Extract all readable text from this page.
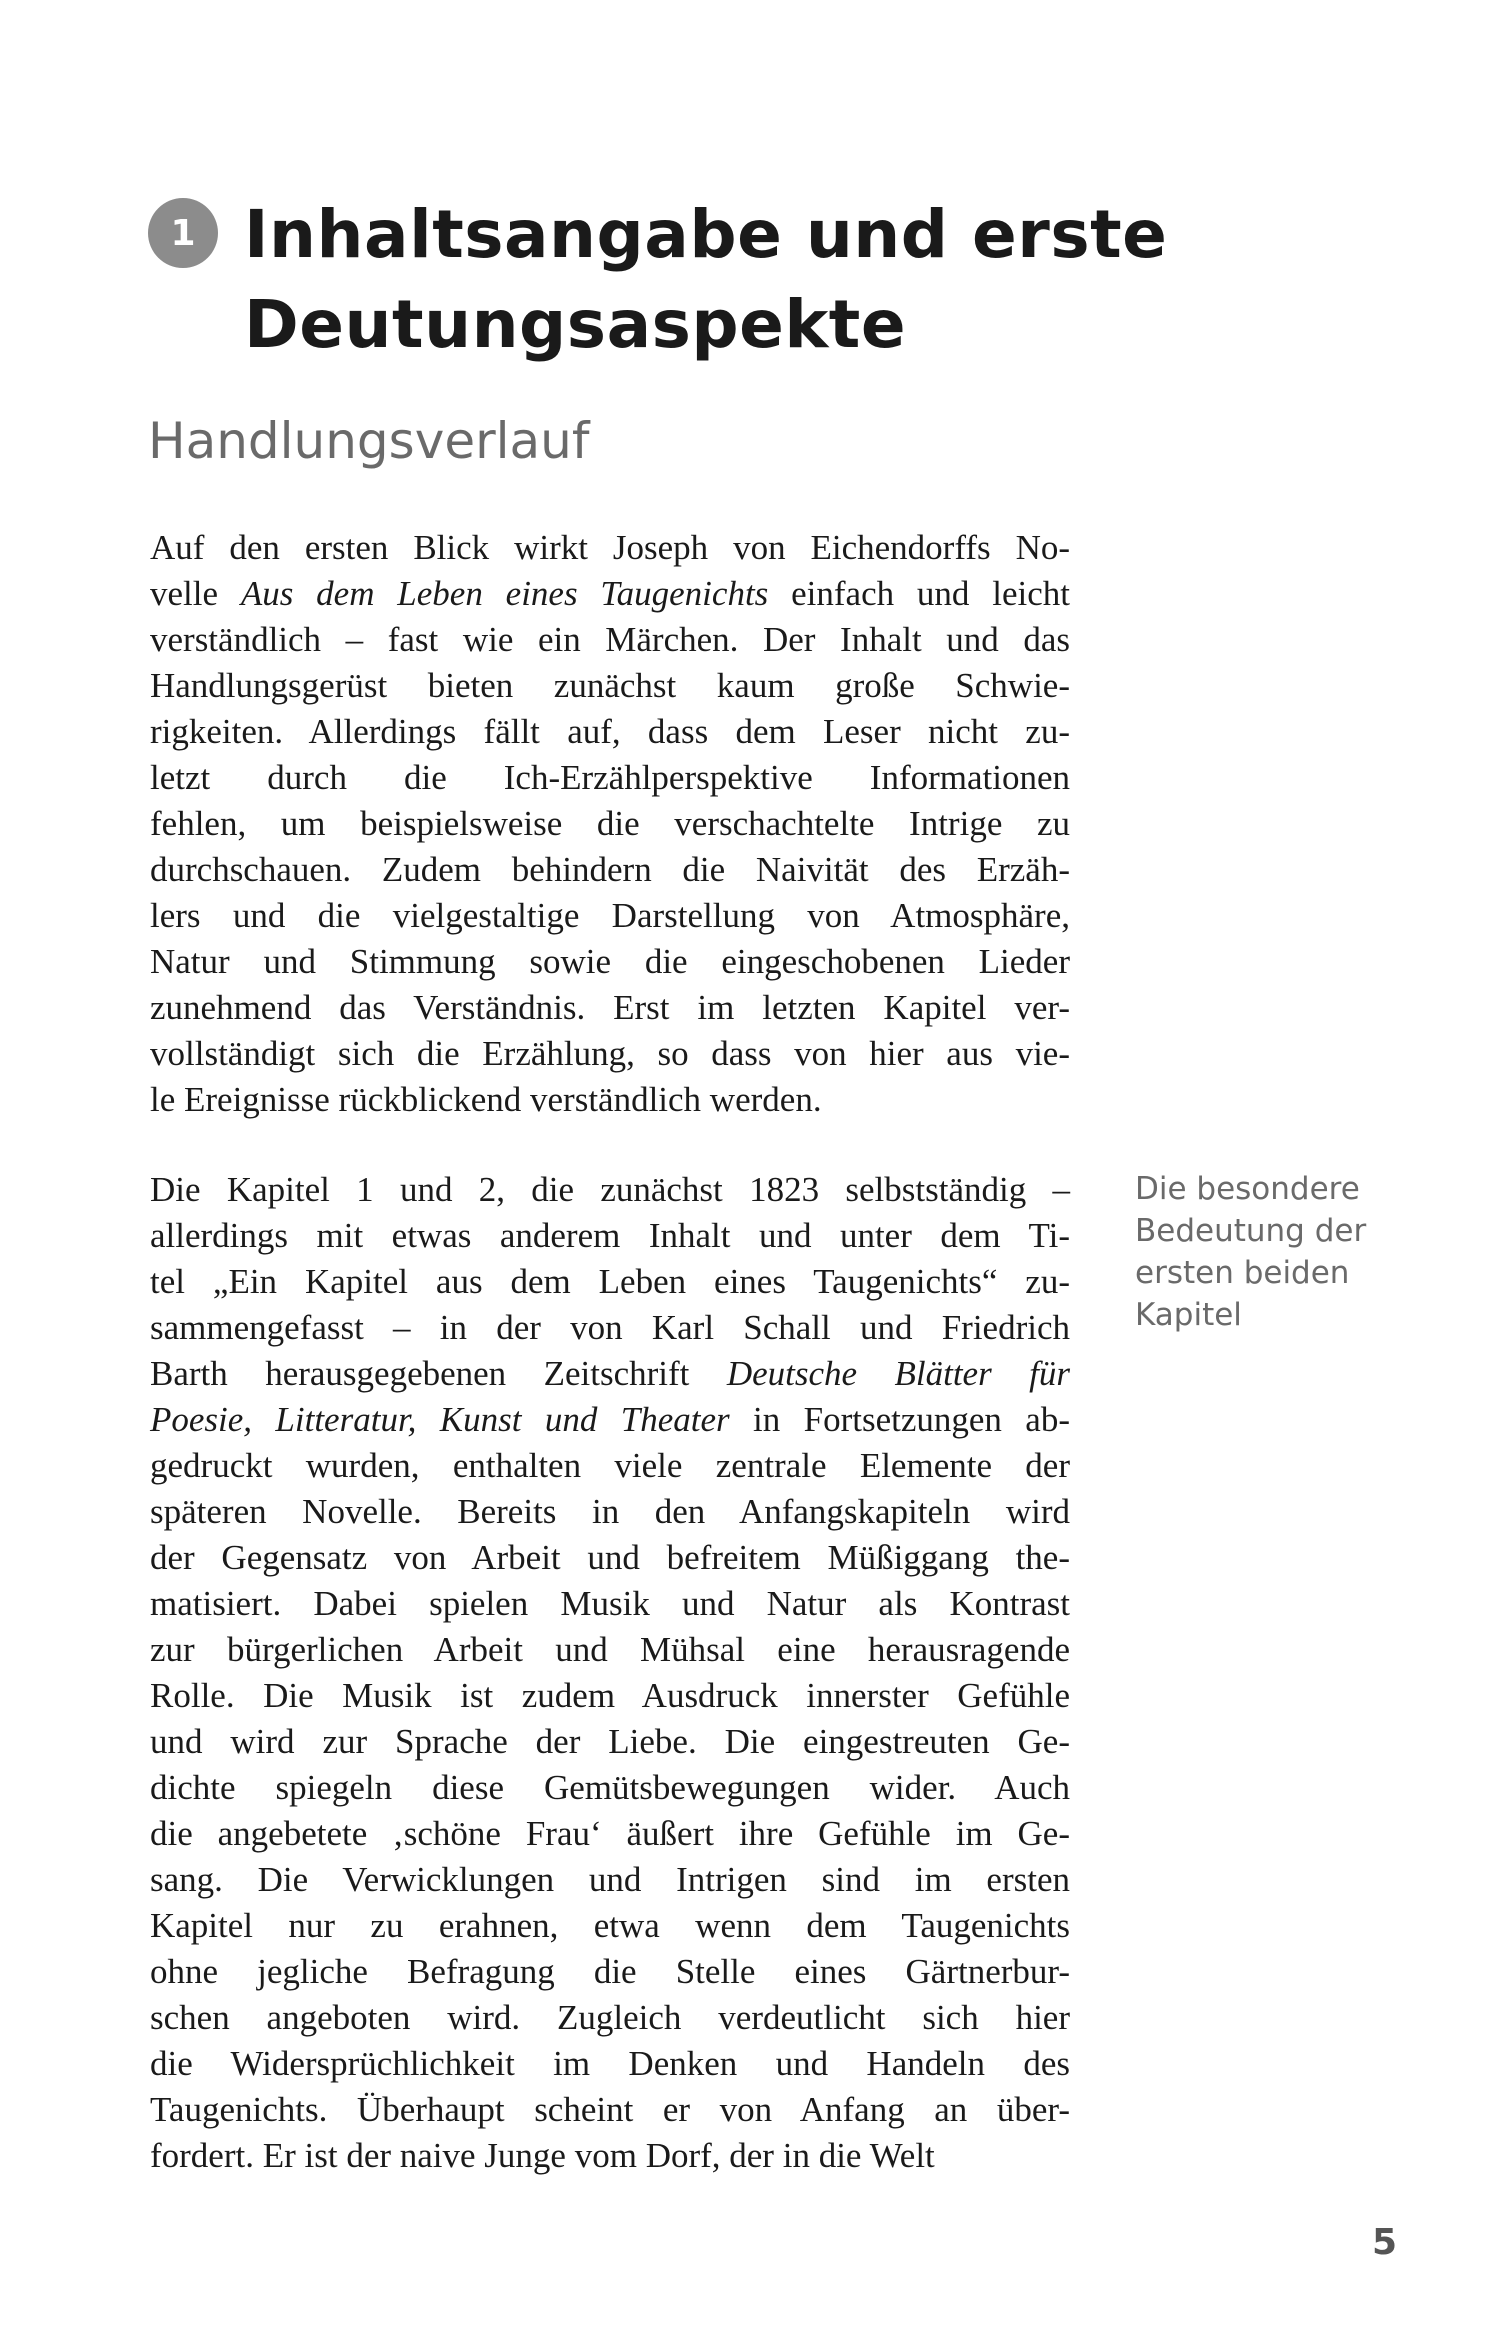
1 Inhaltsangabe und erste
Deutungsaspekte
Handlungsverlauf
Auf den ersten Blick wirkt Joseph von Eichendorffs No-
velle Aus dem Leben eines Taugenichts einfach und leicht
verständlich – fast wie ein Märchen. Der Inhalt und das
Handlungsgerüst bieten zunächst kaum große Schwie-
rigkeiten. Allerdings fällt auf, dass dem Leser nicht zu-
letzt durch die Ich-Erzählperspektive Informationen
fehlen, um beispielsweise die verschachtelte Intrige zu
durchschauen. Zudem behindern die Naivität des Erzäh-
lers und die vielgestaltige Darstellung von Atmosphäre,
Natur und Stimmung sowie die eingeschobenen Lieder
zunehmend das Verständnis. Erst im letzten Kapitel ver-
vollständigt sich die Erzählung, so dass von hier aus vie-
le Ereignisse rückblickend verständlich werden.
Die Kapitel 1 und 2, die zunächst 1823 selbstständig –
allerdings mit etwas anderem Inhalt und unter dem Ti-
tel „Ein Kapitel aus dem Leben eines Taugenichts“ zu-
sammengefasst – in der von Karl Schall und Friedrich
Barth herausgegebenen Zeitschrift Deutsche Blätter für
Poesie, Litteratur, Kunst und Theater in Fortsetzungen ab-
gedruckt wurden, enthalten viele zentrale Elemente der
späteren Novelle. Bereits in den Anfangskapiteln wird
der Gegensatz von Arbeit und befreitem Müßiggang the-
matisiert. Dabei spielen Musik und Natur als Kontrast
zur bürgerlichen Arbeit und Mühsal eine herausragende
Rolle. Die Musik ist zudem Ausdruck innerster Gefühle
und wird zur Sprache der Liebe. Die eingestreuten Ge-
dichte spiegeln diese Gemütsbewegungen wider. Auch
die angebetete ‚schöne Frau‘ äußert ihre Gefühle im Ge-
sang. Die Verwicklungen und Intrigen sind im ersten
Kapitel nur zu erahnen, etwa wenn dem Taugenichts
ohne jegliche Befragung die Stelle eines Gärtnerbur-
schen angeboten wird. Zugleich verdeutlicht sich hier
die Widersprüchlichkeit im Denken und Handeln des
Taugenichts. Überhaupt scheint er von Anfang an über-
fordert. Er ist der naive Junge vom Dorf, der in die Welt
Die besondere
Bedeutung der
ersten beiden
Kapitel
5
